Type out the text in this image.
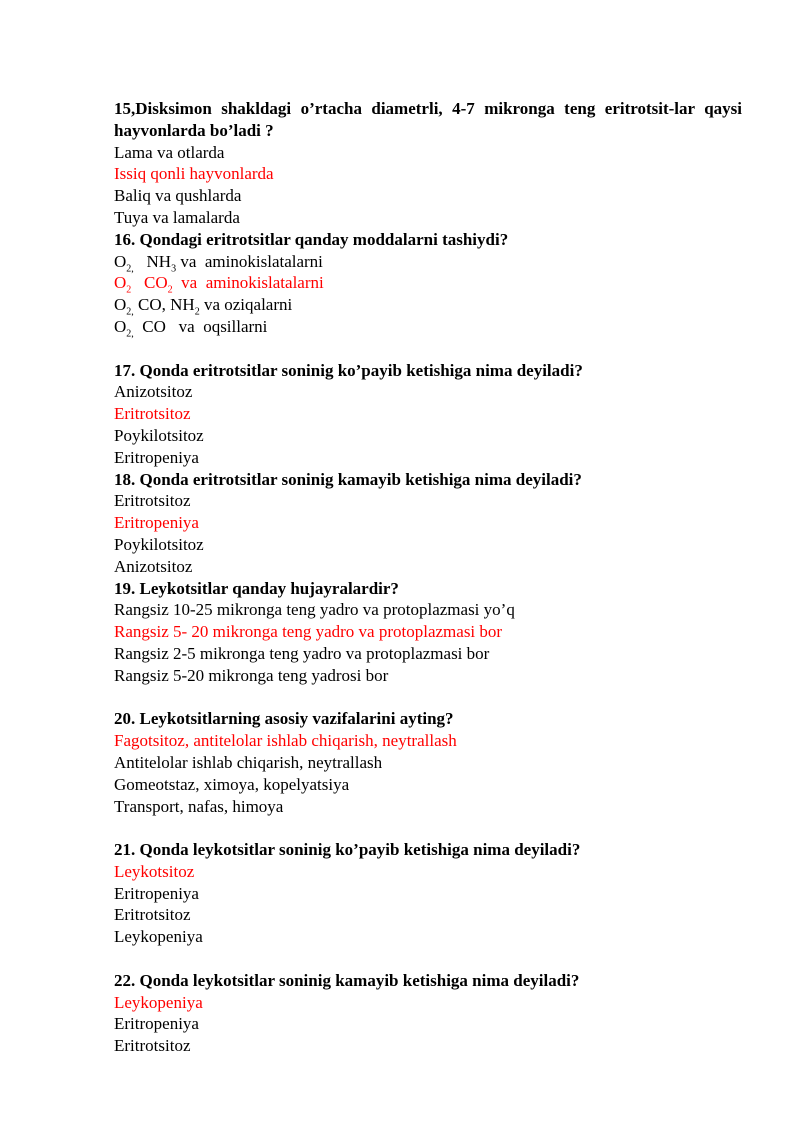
15,Disksimon shakldagi o’rtacha diametrli, 4-7 mikronga teng eritrotsit-lar qaysi hayvonlarda bo’ladi ?

Lama va otlarda

Issiq qonli hayvonlarda

Baliq va qushlarda

Tuya va lamalarda

16. Qondagi eritrotsitlar qanday moddalarni tashiydi?

$O_{2,}$   $NH_3$ va  aminokislatalarni

$O_2$   $CO_2$  va  aminokislatalarni

$O_{2,}$ CO, $NH_2$ va oziqalarni

$O_{2,}$  CO   va  oqsillarni

17. Qonda eritrotsitlar soninig ko’payib ketishiga nima deyiladi?

Anizotsitoz

Eritrotsitoz

Poykilotsitoz

Eritropeniya

18. Qonda eritrotsitlar soninig kamayib ketishiga nima deyiladi?

Eritrotsitoz

Eritropeniya

Poykilotsitoz

Anizotsitoz

19. Leykotsitlar qanday hujayralardir?

Rangsiz 10-25 mikronga teng yadro va protoplazmasi yo’q

Rangsiz 5- 20 mikronga teng yadro va protoplazmasi bor

Rangsiz 2-5 mikronga teng yadro va protoplazmasi bor

Rangsiz 5-20 mikronga teng yadrosi bor

20. Leykotsitlarning asosiy vazifalarini ayting?

Fagotsitoz, antitelolar ishlab chiqarish, neytrallash

Antitelolar ishlab chiqarish, neytrallash

Gomeotstaz, ximoya, kopelyatsiya

Transport, nafas, himoya

21. Qonda leykotsitlar soninig ko’payib ketishiga nima deyiladi?

Leykotsitoz

Eritropeniya

Eritrotsitoz

Leykopeniya

22. Qonda leykotsitlar soninig kamayib ketishiga nima deyiladi?

Leykopeniya

Eritropeniya

Eritrotsitoz
